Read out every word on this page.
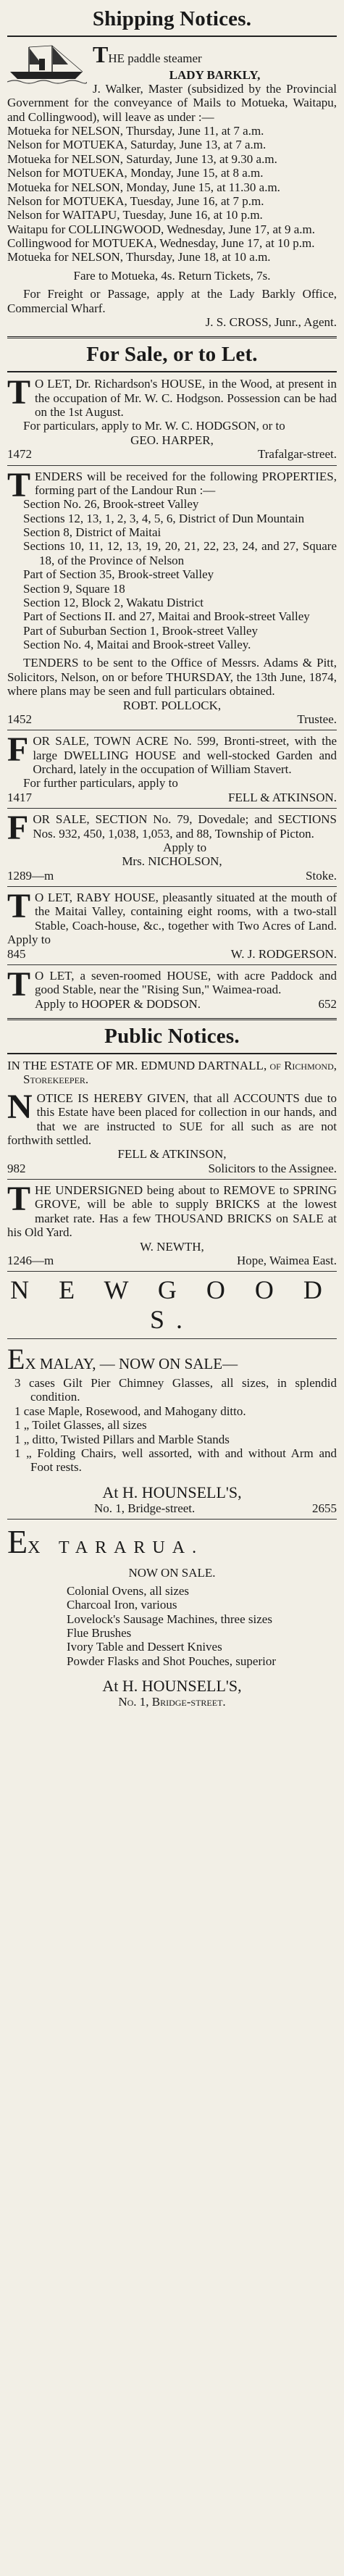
Shipping Notices.

THE paddle steamer

LADY BARKLY,

J. Walker, Master (subsidized by the Provincial Government for the conveyance of Mails to Motueka, Waitapu, and Collingwood), will leave as under :—

Motueka for NELSON, Thursday, June 11, at 7 a.m.

Nelson for MOTUEKA, Saturday, June 13, at 7 a.m.

Motueka for NELSON, Saturday, June 13, at 9.30 a.m.

Nelson for MOTUEKA, Monday, June 15, at 8 a.m.

Motueka for NELSON, Monday, June 15, at 11.30 a.m.

Nelson for MOTUEKA, Tuesday, June 16, at 7 p.m.

Nelson for WAITAPU, Tuesday, June 16, at 10 p.m.

Waitapu for COLLINGWOOD, Wednesday, June 17, at 9 a.m.

Collingwood for MOTUEKA, Wednesday, June 17, at 10 p.m.

Motueka for NELSON, Thursday, June 18, at 10 a.m.

Fare to Motueka, 4s. Return Tickets, 7s.

For Freight or Passage, apply at the Lady Barkly Office, Commercial Wharf.

J. S. CROSS, Junr., Agent.

For Sale, or to Let.

T O LET, Dr. Richardson's HOUSE, in the Wood, at present in the occupation of Mr. W. C. Hodgson. Possession can be had on the 1st August.

For particulars, apply to Mr. W. C. HODGSON, or to

GEO. HARPER,

1472	Trafalgar-street.

TENDERS will be received for the following PROPERTIES, forming part of the Landour Run :—

Section No. 26, Brook-street Valley

Sections 12, 13, 1, 2, 3, 4, 5, 6, District of Dun Mountain

Section 8, District of Maitai

Sections 10, 11, 12, 13, 19, 20, 21, 22, 23, 24, and 27, Square 18, of the Province of Nelson

Part of Section 35, Brook-street Valley

Section 9, Square 18

Section 12, Block 2, Wakatu District

Part of Sections II. and 27, Maitai and Brook-street Valley

Part of Suburban Section 1, Brook-street Valley

Section No. 4, Maitai and Brook-street Valley.

TENDERS to be sent to the Office of Messrs. Adams & Pitt, Solicitors, Nelson, on or before THURSDAY, the 13th June, 1874, where plans may be seen and full particulars obtained.

ROBT. POLLOCK,

1452	Trustee.

FOR SALE, TOWN ACRE No. 599, Bronti-street, with the large DWELLING HOUSE and well-stocked Garden and Orchard, lately in the occupation of William Stavert.

For further particulars, apply to

1417	FELL & ATKINSON.

FOR SALE, SECTION No. 79, Dovedale; and SECTIONS Nos. 932, 450, 1,038, 1,053, and 88, Township of Picton.

Apply to

Mrs. NICHOLSON,

1289—m	Stoke.

T O LET, RABY HOUSE, pleasantly situated at the mouth of the Maitai Valley, containing eight rooms, with a two-stall Stable, Coach-house, &c., together with Two Acres of Land. Apply to

845	W. J. RODGERSON.

T O LET, a seven-roomed HOUSE, with acre Paddock and good Stable, near the "Rising Sun," Waimea-road.

Apply to HOOPER & DODSON.	652
Public Notices.

IN THE ESTATE OF MR. EDMUND DARTNALL, of Richmond, Storekeeper.

NOTICE IS HEREBY GIVEN, that all ACCOUNTS due to this Estate have been placed for collection in our hands, and that we are instructed to SUE for all such as are not forthwith settled.

FELL & ATKINSON,

982	Solicitors to the Assignee.

THE UNDERSIGNED being about to REMOVE to SPRING GROVE, will be able to supply BRICKS at the lowest market rate. Has a few THOUSAND BRICKS on SALE at his Old Yard.

W. NEWTH,

1246—m	Hope, Waimea East.
N E W G O O D S.

EX MALAY, — NOW ON SALE—

3 cases Gilt Pier Chimney Glasses, all sizes, in splendid condition.

1 case Maple, Rosewood, and Mahogany ditto.

1 „ Toilet Glasses, all sizes

1 „ ditto, Twisted Pillars and Marble Stands

1 „ Folding Chairs, well assorted, with and without Arm and Foot rests.

At H. HOUNSELL'S,

No. 1, Bridge-street.	2655

EX TARARUA.

NOW ON SALE.

Colonial Ovens, all sizes

Charcoal Iron, various

Lovelock's Sausage Machines, three sizes

Flue Brushes

Ivory Table and Dessert Knives

Powder Flasks and Shot Pouches, superior

At H. HOUNSELL'S,

No. 1, Bridge-street.
